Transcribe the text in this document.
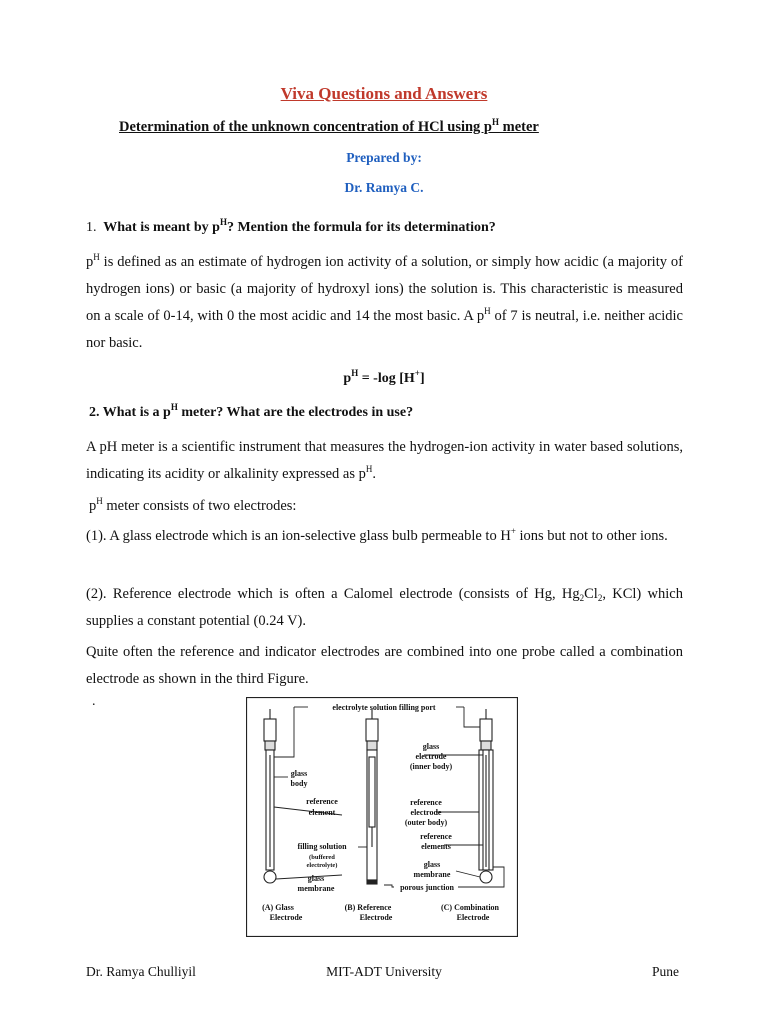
Viva Questions and Answers
Determination of the unknown concentration of HCl using $p^H$ meter
Prepared by:
Dr. Ramya C.
1. What is meant by $p^H$? Mention the formula for its determination?
$p^H$ is defined as an estimate of hydrogen ion activity of a solution, or simply how acidic (a majority of hydrogen ions) or basic (a majority of hydroxyl ions) the solution is. This characteristic is measured on a scale of 0-14, with 0 the most acidic and 14 the most basic. A $p^H$ of 7 is neutral, i.e. neither acidic nor basic.
$p^H = -\log$ [H+]
2. What is a $p^H$ meter? What are the electrodes in use?
A pH meter is a scientific instrument that measures the hydrogen-ion activity in water based solutions, indicating its acidity or alkalinity expressed as $p^H$.
$p^H$ meter consists of two electrodes:
(1). A glass electrode which is an ion-selective glass bulb permeable to H+ ions but not to other ions.
(2). Reference electrode which is often a Calomel electrode (consists of Hg, $Hg_2Cl_2$, KCl) which supplies a constant potential (0.24 V).
Quite often the reference and indicator electrodes are combined into one probe called a combination electrode as shown in the third Figure.
.	electrolyte solution filling port
glass
body
reference
element
filling solution
(buffered
electrolyte)
glass
membrane
glass
electrode
(inner body)
reference
electrode
(outer body)
reference
elements
glass
membrane
porous junction
(A) Glass
Electrode
(B) Reference
Electrode
(C) Combination
Electrode
Dr. Ramya Chulliyil	MIT-ADT University	Pune
